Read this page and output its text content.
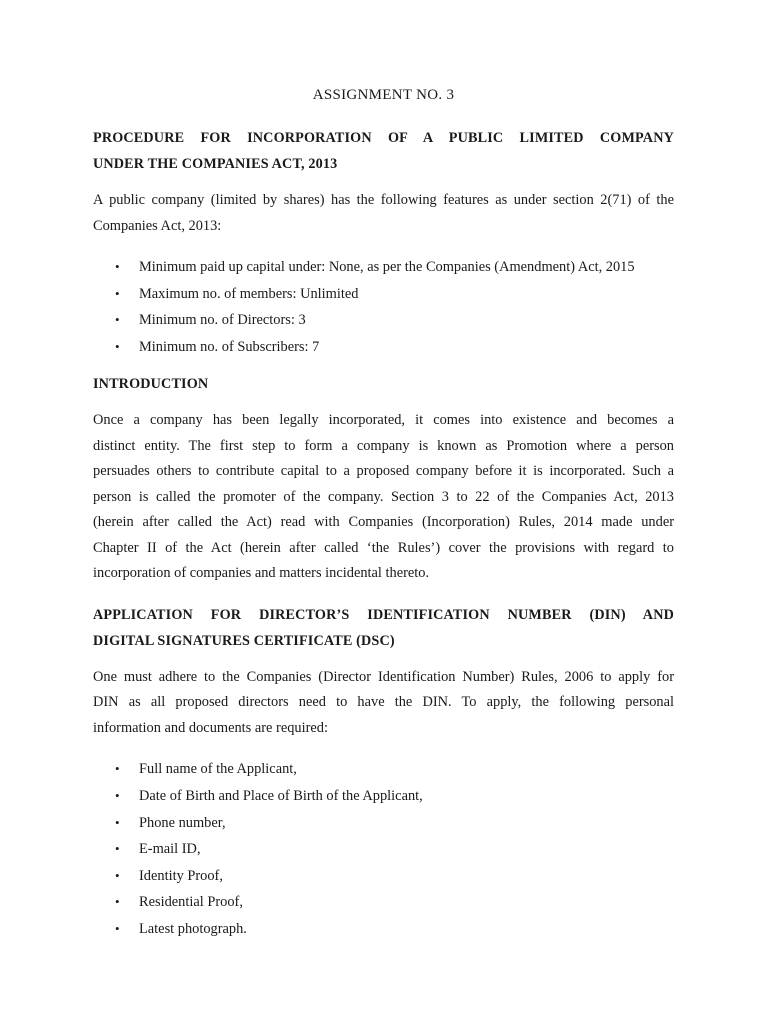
ASSIGNMENT NO. 3
PROCEDURE FOR INCORPORATION OF A PUBLIC LIMITED COMPANY
UNDER THE COMPANIES ACT, 2013
A public company (limited by shares) has the following features as under section 2(71) of the
Companies Act, 2013:
• Minimum paid up capital under: None, as per the Companies (Amendment) Act, 2015
• Maximum no. of members: Unlimited
• Minimum no. of Directors: 3
• Minimum no. of Subscribers: 7
INTRODUCTION
Once a company has been legally incorporated, it comes into existence and becomes a
distinct entity. The first step to form a company is known as Promotion where a person
persuades others to contribute capital to a proposed company before it is incorporated. Such a
person is called the promoter of the company. Section 3 to 22 of the Companies Act, 2013
(herein after called the Act) read with Companies (Incorporation) Rules, 2014 made under
Chapter II of the Act (herein after called ‘the Rules’) cover the provisions with regard to
incorporation of companies and matters incidental thereto.
APPLICATION FOR DIRECTOR’S IDENTIFICATION NUMBER (DIN) AND
DIGITAL SIGNATURES CERTIFICATE (DSC)
One must adhere to the Companies (Director Identification Number) Rules, 2006 to apply for
DIN as all proposed directors need to have the DIN. To apply, the following personal
information and documents are required:
• Full name of the Applicant,
• Date of Birth and Place of Birth of the Applicant,
• Phone number,
• E-mail ID,
• Identity Proof,
• Residential Proof,
• Latest photograph.
